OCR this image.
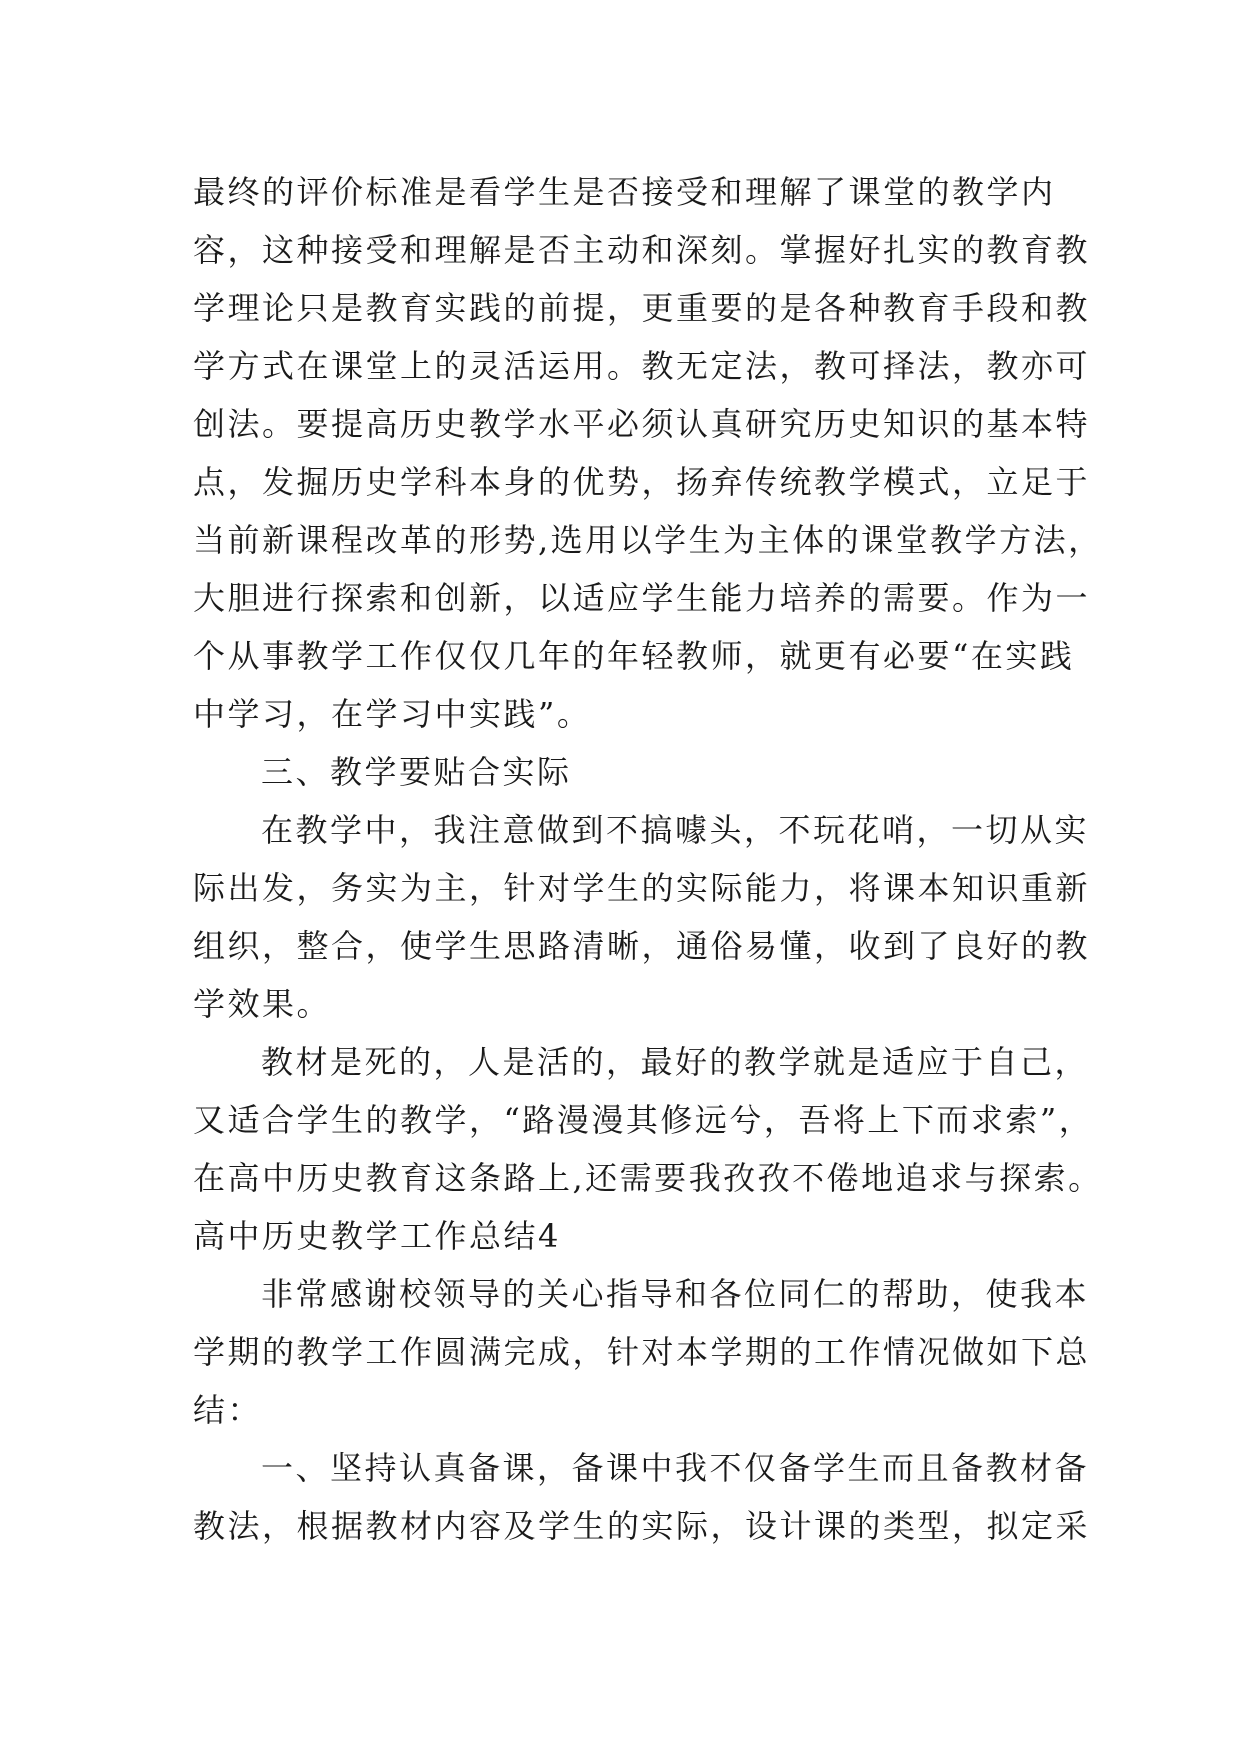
最终的评价标准是看学生是否接受和理解了课堂的教学内
容，这种接受和理解是否主动和深刻。掌握好扎实的教育教
学理论只是教育实践的前提，更重要的是各种教育手段和教
学方式在课堂上的灵活运用。教无定法，教可择法，教亦可
创法。要提高历史教学水平必须认真研究历史知识的基本特
点，发掘历史学科本身的优势，扬弃传统教学模式，立足于
当前新课程改革的形势,选用以学生为主体的课堂教学方法，
大胆进行探索和创新，以适应学生能力培养的需要。作为一
个从事教学工作仅仅几年的年轻教师，就更有必要“在实践
中学习，在学习中实践”。
三、教学要贴合实际
在教学中，我注意做到不搞噱头，不玩花哨，一切从实
际出发，务实为主，针对学生的实际能力，将课本知识重新
组织，整合，使学生思路清晰，通俗易懂，收到了良好的教
学效果。
教材是死的，人是活的，最好的教学就是适应于自己，
又适合学生的教学，“路漫漫其修远兮，吾将上下而求索”，
在高中历史教育这条路上,还需要我孜孜不倦地追求与探索。
高中历史教学工作总结4
非常感谢校领导的关心指导和各位同仁的帮助，使我本
学期的教学工作圆满完成，针对本学期的工作情况做如下总
结：
一、坚持认真备课，备课中我不仅备学生而且备教材备
教法，根据教材内容及学生的实际，设计课的类型，拟定采
